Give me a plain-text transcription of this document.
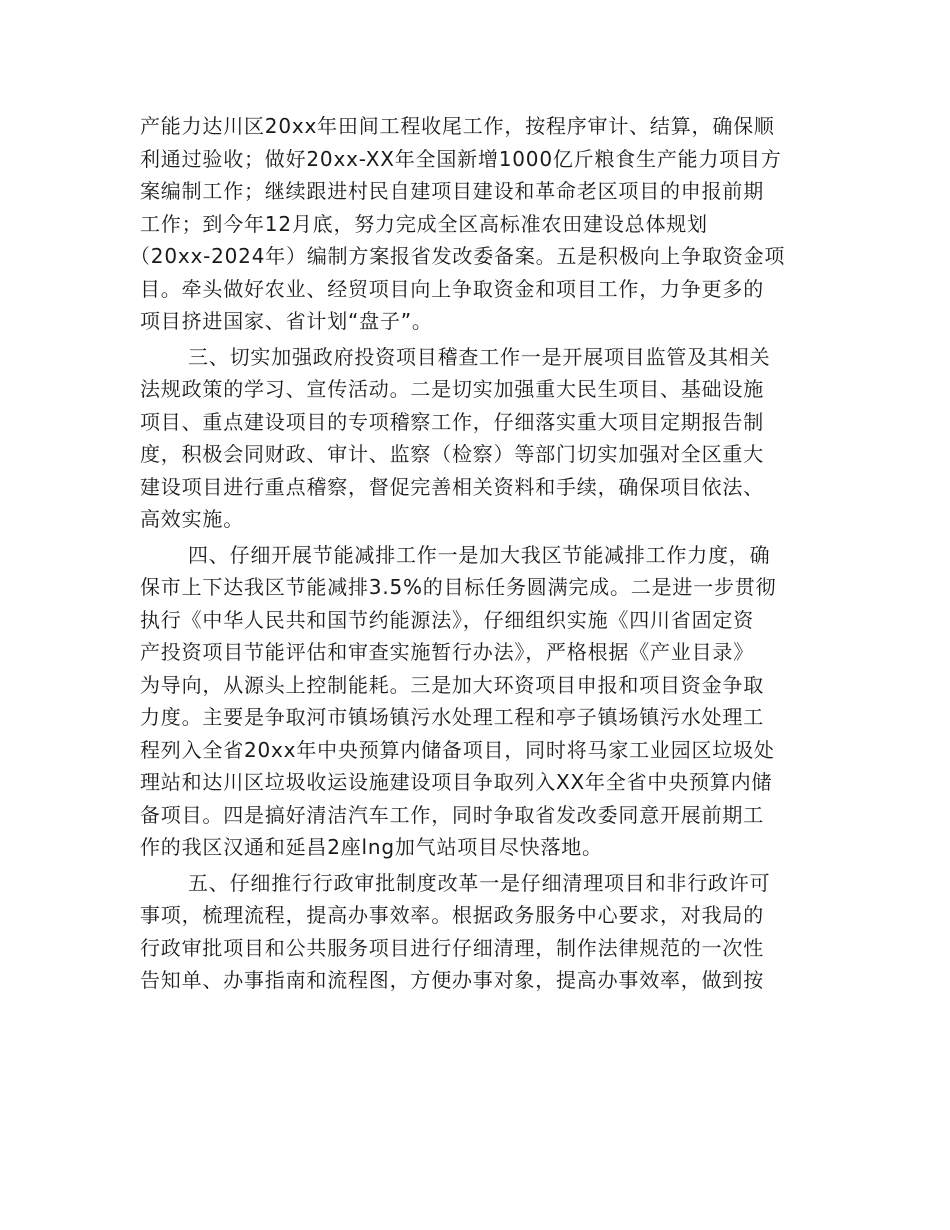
产能力达川区20xx年田间工程收尾工作，按程序审计、结算，确保顺
利通过验收；做好20xx-XX年全国新增1000亿斤粮食生产能力项目方
案编制工作；继续跟进村民自建项目建设和革命老区项目的申报前期
工作；到今年12月底，努力完成全区高标准农田建设总体规划
（20xx-2024年）编制方案报省发改委备案。五是积极向上争取资金项
目。牵头做好农业、经贸项目向上争取资金和项目工作，力争更多的
项目挤进国家、省计划“盘子”。
三、切实加强政府投资项目稽查工作一是开展项目监管及其相关
法规政策的学习、宣传活动。二是切实加强重大民生项目、基础设施
项目、重点建设项目的专项稽察工作，仔细落实重大项目定期报告制
度，积极会同财政、审计、监察（检察）等部门切实加强对全区重大
建设项目进行重点稽察，督促完善相关资料和手续，确保项目依法、
高效实施。
四、仔细开展节能减排工作一是加大我区节能减排工作力度，确
保市上下达我区节能减排3.5%的目标任务圆满完成。二是进一步贯彻
执行《中华人民共和国节约能源法》，仔细组织实施《四川省固定资
产投资项目节能评估和审查实施暂行办法》，严格根据《产业目录》
为导向，从源头上控制能耗。三是加大环资项目申报和项目资金争取
力度。主要是争取河市镇场镇污水处理工程和亭子镇场镇污水处理工
程列入全省20xx年中央预算内储备项目，同时将马家工业园区垃圾处
理站和达川区垃圾收运设施建设项目争取列入XX年全省中央预算内储
备项目。四是搞好清洁汽车工作，同时争取省发改委同意开展前期工
作的我区汉通和延昌2座lng加气站项目尽快落地。
五、仔细推行行政审批制度改革一是仔细清理项目和非行政许可
事项，梳理流程，提高办事效率。根据政务服务中心要求，对我局的
行政审批项目和公共服务项目进行仔细清理，制作法律规范的一次性
告知单、办事指南和流程图，方便办事对象，提高办事效率，做到按
